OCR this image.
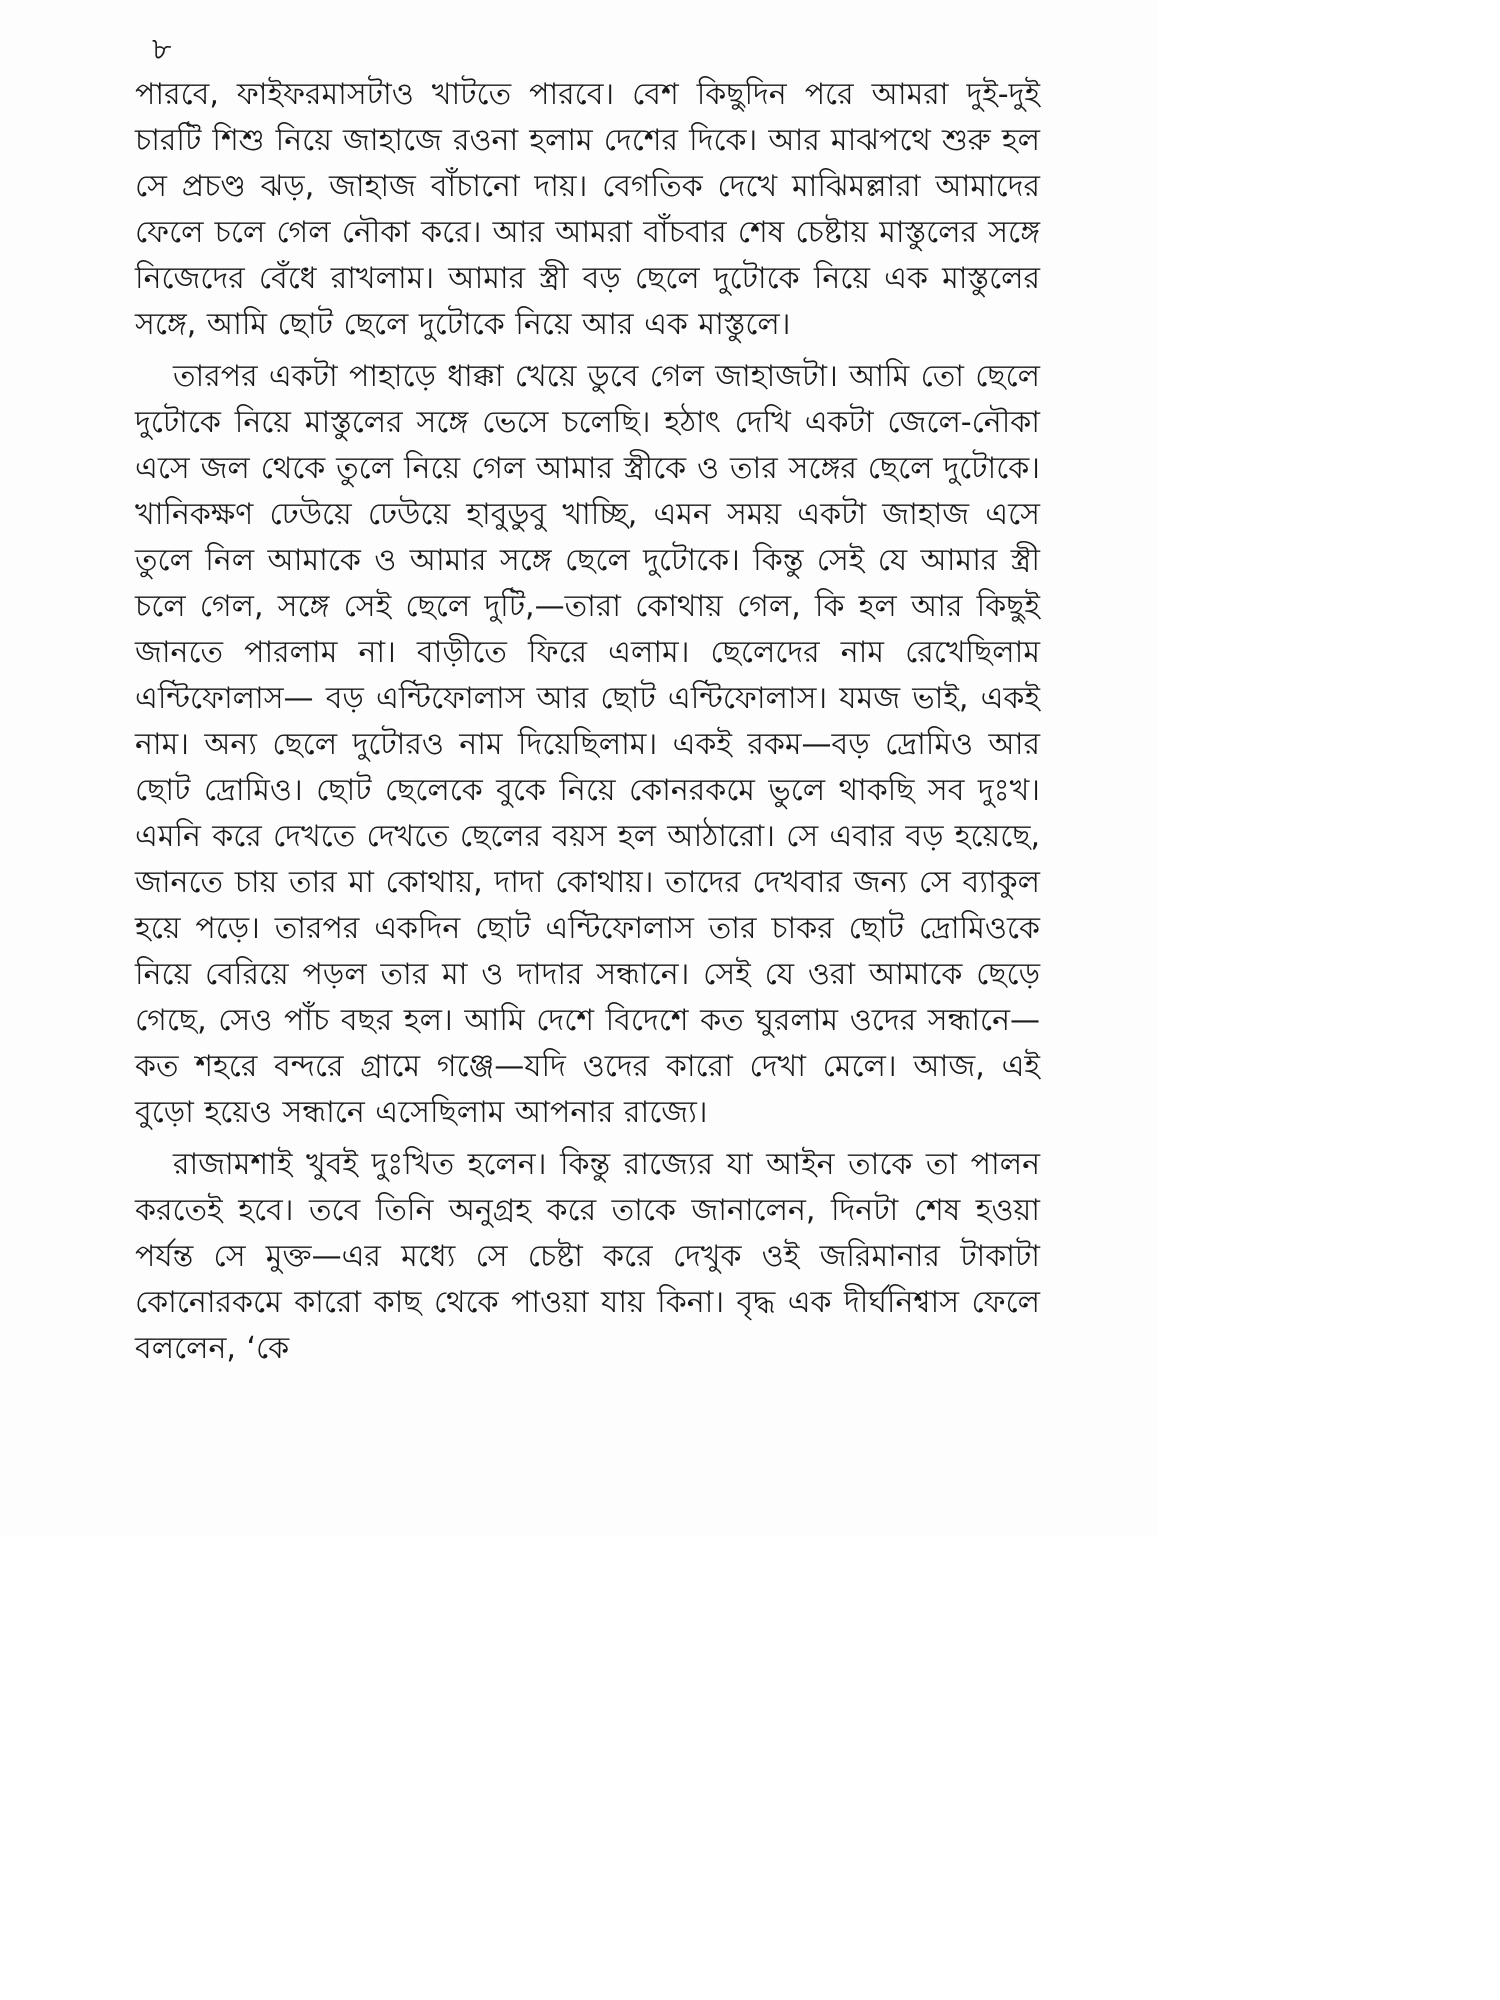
৮

পারবে, ফাইফরমাসটাও খাটতে পারবে। বেশ কিছুদিন পরে আমরা দুই-দুই চারটি শিশু নিয়ে জাহাজে রওনা হলাম দেশের দিকে। আর মাঝপথে শুরু হল সে প্রচণ্ড ঝড়, জাহাজ বাঁচানো দায়। বেগতিক দেখে মাঝিমল্লারা আমাদের ফেলে চলে গেল নৌকা করে। আর আমরা বাঁচবার শেষ চেষ্টায় মাস্তুলের সঙ্গে নিজেদের বেঁধে রাখলাম। আমার স্ত্রী বড় ছেলে দুটোকে নিয়ে এক মাস্তুলের সঙ্গে, আমি ছোট ছেলে দুটোকে নিয়ে আর এক মাস্তুলে।

তারপর একটা পাহাড়ে ধাক্কা খেয়ে ডুবে গেল জাহাজটা। আমি তো ছেলে দুটোকে নিয়ে মাস্তুলের সঙ্গে ভেসে চলেছি। হঠাৎ দেখি একটা জেলে-নৌকা এসে জল থেকে তুলে নিয়ে গেল আমার স্ত্রীকে ও তার সঙ্গের ছেলে দুটোকে। খানিকক্ষণ ঢেউয়ে ঢেউয়ে হাবুডুবু খাচ্ছি, এমন সময় একটা জাহাজ এসে তুলে নিল আমাকে ও আমার সঙ্গে ছেলে দুটোকে। কিন্তু সেই যে আমার স্ত্রী চলে গেল, সঙ্গে সেই ছেলে দুটি,—তারা কোথায় গেল, কি হল আর কিছুই জানতে পারলাম না। বাড়ীতে ফিরে এলাম। ছেলেদের নাম রেখেছিলাম এন্টিফোলাস— বড় এন্টিফোলাস আর ছোট এন্টিফোলাস। যমজ ভাই, একই নাম। অন্য ছেলে দুটোরও নাম দিয়েছিলাম। একই রকম—বড় দ্রোমিও আর ছোট দ্রোমিও। ছোট ছেলেকে বুকে নিয়ে কোনরকমে ভুলে থাকছি সব দুঃখ। এমনি করে দেখতে দেখতে ছেলের বয়স হল আঠারো। সে এবার বড় হয়েছে, জানতে চায় তার মা কোথায়, দাদা কোথায়। তাদের দেখবার জন্য সে ব্যাকুল হয়ে পড়ে। তারপর একদিন ছোট এন্টিফোলাস তার চাকর ছোট দ্রোমিওকে নিয়ে বেরিয়ে পড়ল তার মা ও দাদার সন্ধানে। সেই যে ওরা আমাকে ছেড়ে গেছে, সেও পাঁচ বছর হল। আমি দেশে বিদেশে কত ঘুরলাম ওদের সন্ধানে— কত শহরে বন্দরে গ্রামে গঞ্জে—যদি ওদের কারো দেখা মেলে। আজ, এই বুড়ো হয়েও সন্ধানে এসেছিলাম আপনার রাজ্যে।

রাজামশাই খুবই দুঃখিত হলেন। কিন্তু রাজ্যের যা আইন তাকে তা পালন করতেই হবে। তবে তিনি অনুগ্রহ করে তাকে জানালেন, দিনটা শেষ হওয়া পর্যন্ত সে মুক্ত—এর মধ্যে সে চেষ্টা করে দেখুক ওই জরিমানার টাকাটা কোনোরকমে কারো কাছ থেকে পাওয়া যায় কিনা। বৃদ্ধ এক দীর্ঘনিশ্বাস ফেলে বললেন, ‘কে
